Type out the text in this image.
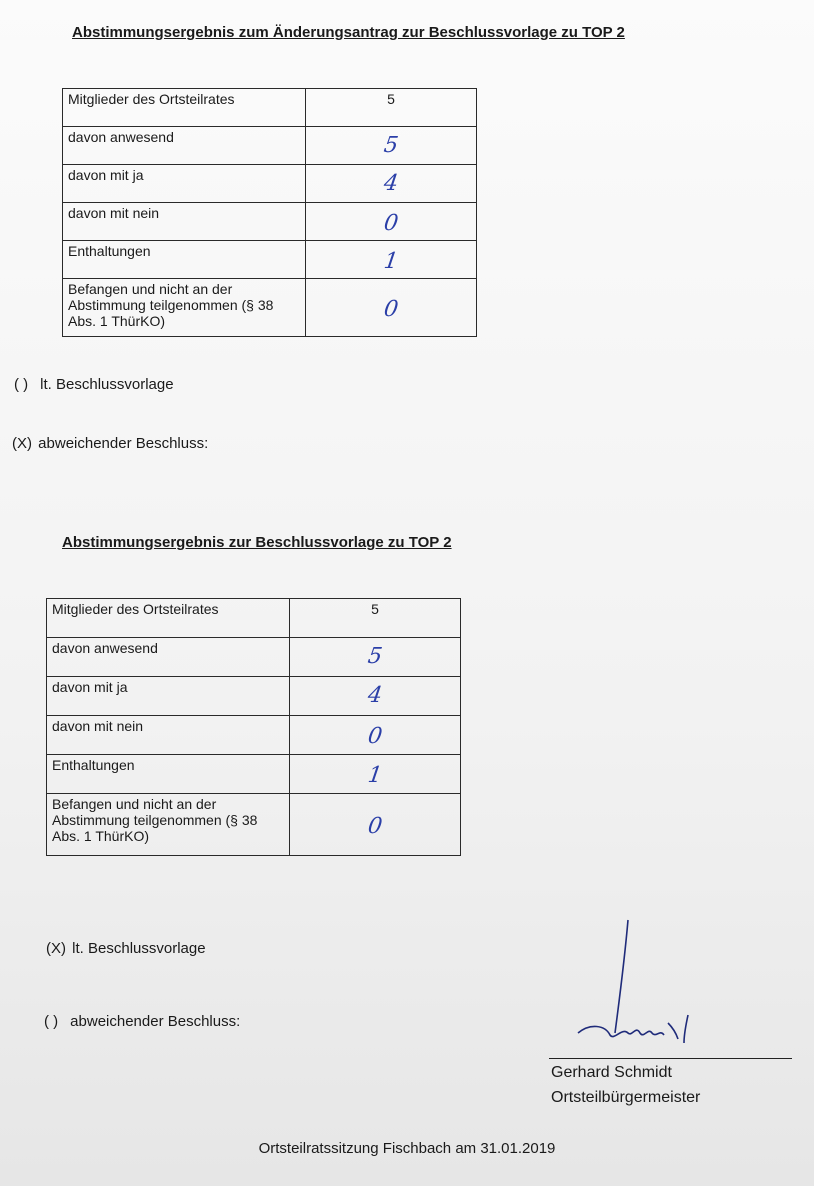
Abstimmungsergebnis zum Änderungsantrag zur Beschlussvorlage zu TOP 2
Mitglieder des Ortsteilrates	5
davon anwesend	5
davon mit ja	4
davon mit nein	0
Enthaltungen	1
Befangen und nicht an der Abstimmung teilgenommen (§ 38 Abs. 1 ThürKO)	0
( ) lt. Beschlussvorlage
(X) abweichender Beschluss:
Abstimmungsergebnis zur Beschlussvorlage zu TOP 2
Mitglieder des Ortsteilrates	5
davon anwesend	5
davon mit ja	4
davon mit nein	0
Enthaltungen	1
Befangen und nicht an der Abstimmung teilgenommen (§ 38 Abs. 1 ThürKO)	0
(X) lt. Beschlussvorlage
( ) abweichender Beschluss:
Gerhard Schmidt
Ortsteilbürgermeister
Ortsteilratssitzung Fischbach am 31.01.2019
